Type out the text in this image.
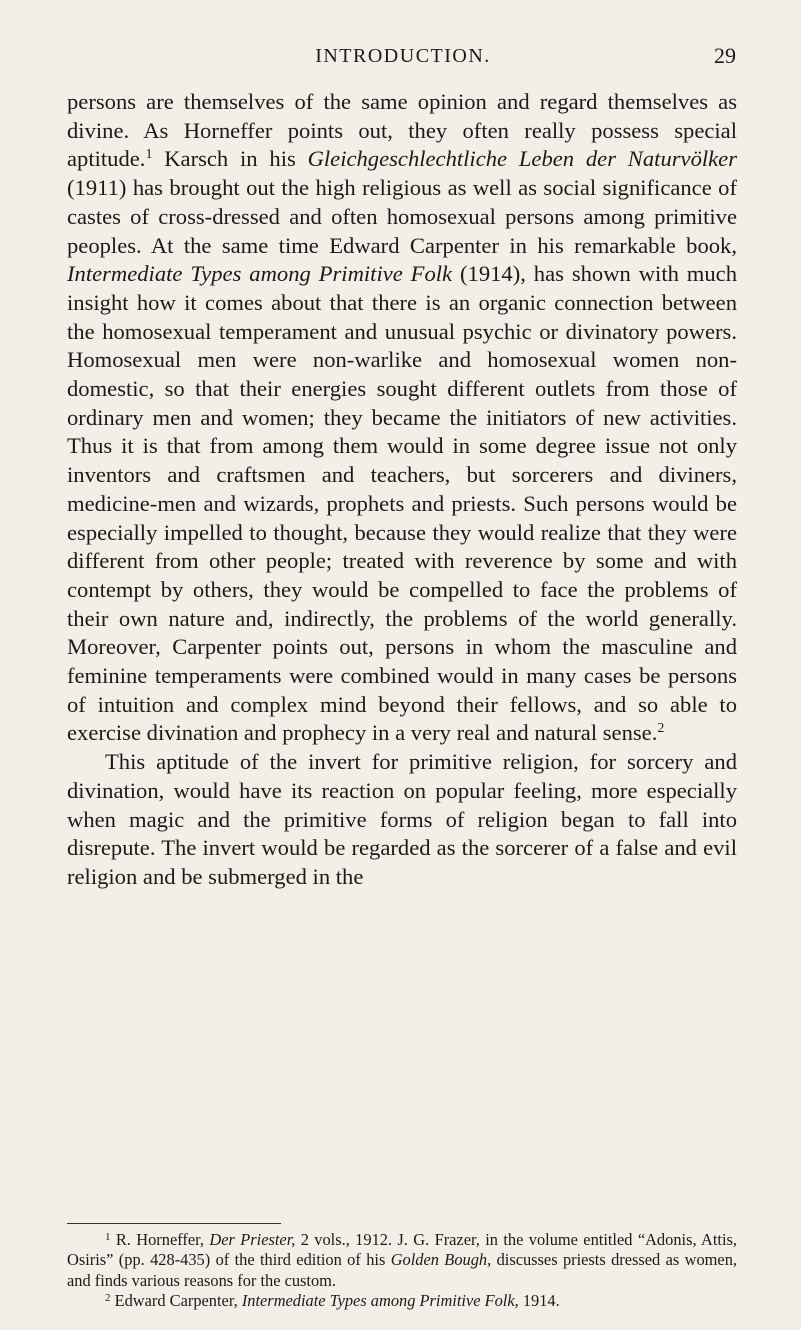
INTRODUCTION.	29

persons are themselves of the same opinion and regard themselves as divine. As Horneffer points out, they often really possess special aptitude.$^1$ Karsch in his Gleichgeschlechtliche Leben der Naturvölker (1911) has brought out the high religious as well as social significance of castes of cross-dressed and often homosexual persons among primitive peoples. At the same time Edward Carpenter in his remarkable book, Intermediate Types among Primitive Folk (1914), has shown with much insight how it comes about that there is an organic connection between the homosexual temperament and unusual psychic or divinatory powers. Homosexual men were non-warlike and homosexual women non-domestic, so that their energies sought different outlets from those of ordinary men and women; they became the initiators of new activities. Thus it is that from among them would in some degree issue not only inventors and craftsmen and teachers, but sorcerers and diviners, medicine-men and wizards, prophets and priests. Such persons would be especially impelled to thought, because they would realize that they were different from other people; treated with reverence by some and with contempt by others, they would be compelled to face the problems of their own nature and, indirectly, the problems of the world generally. Moreover, Carpenter points out, persons in whom the masculine and feminine temperaments were combined would in many cases be persons of intuition and complex mind beyond their fellows, and so able to exercise divination and prophecy in a very real and natural sense.$^2$

This aptitude of the invert for primitive religion, for sorcery and divination, would have its reaction on popular feeling, more especially when magic and the primitive forms of religion began to fall into disrepute. The invert would be regarded as the sorcerer of a false and evil religion and be submerged in the

$^1$ R. Horneffer, Der Priester, 2 vols., 1912. J. G. Frazer, in the volume entitled “Adonis, Attis, Osiris” (pp. 428-435) of the third edition of his Golden Bough, discusses priests dressed as women, and finds various reasons for the custom.

$^2$ Edward Carpenter, Intermediate Types among Primitive Folk, 1914.
